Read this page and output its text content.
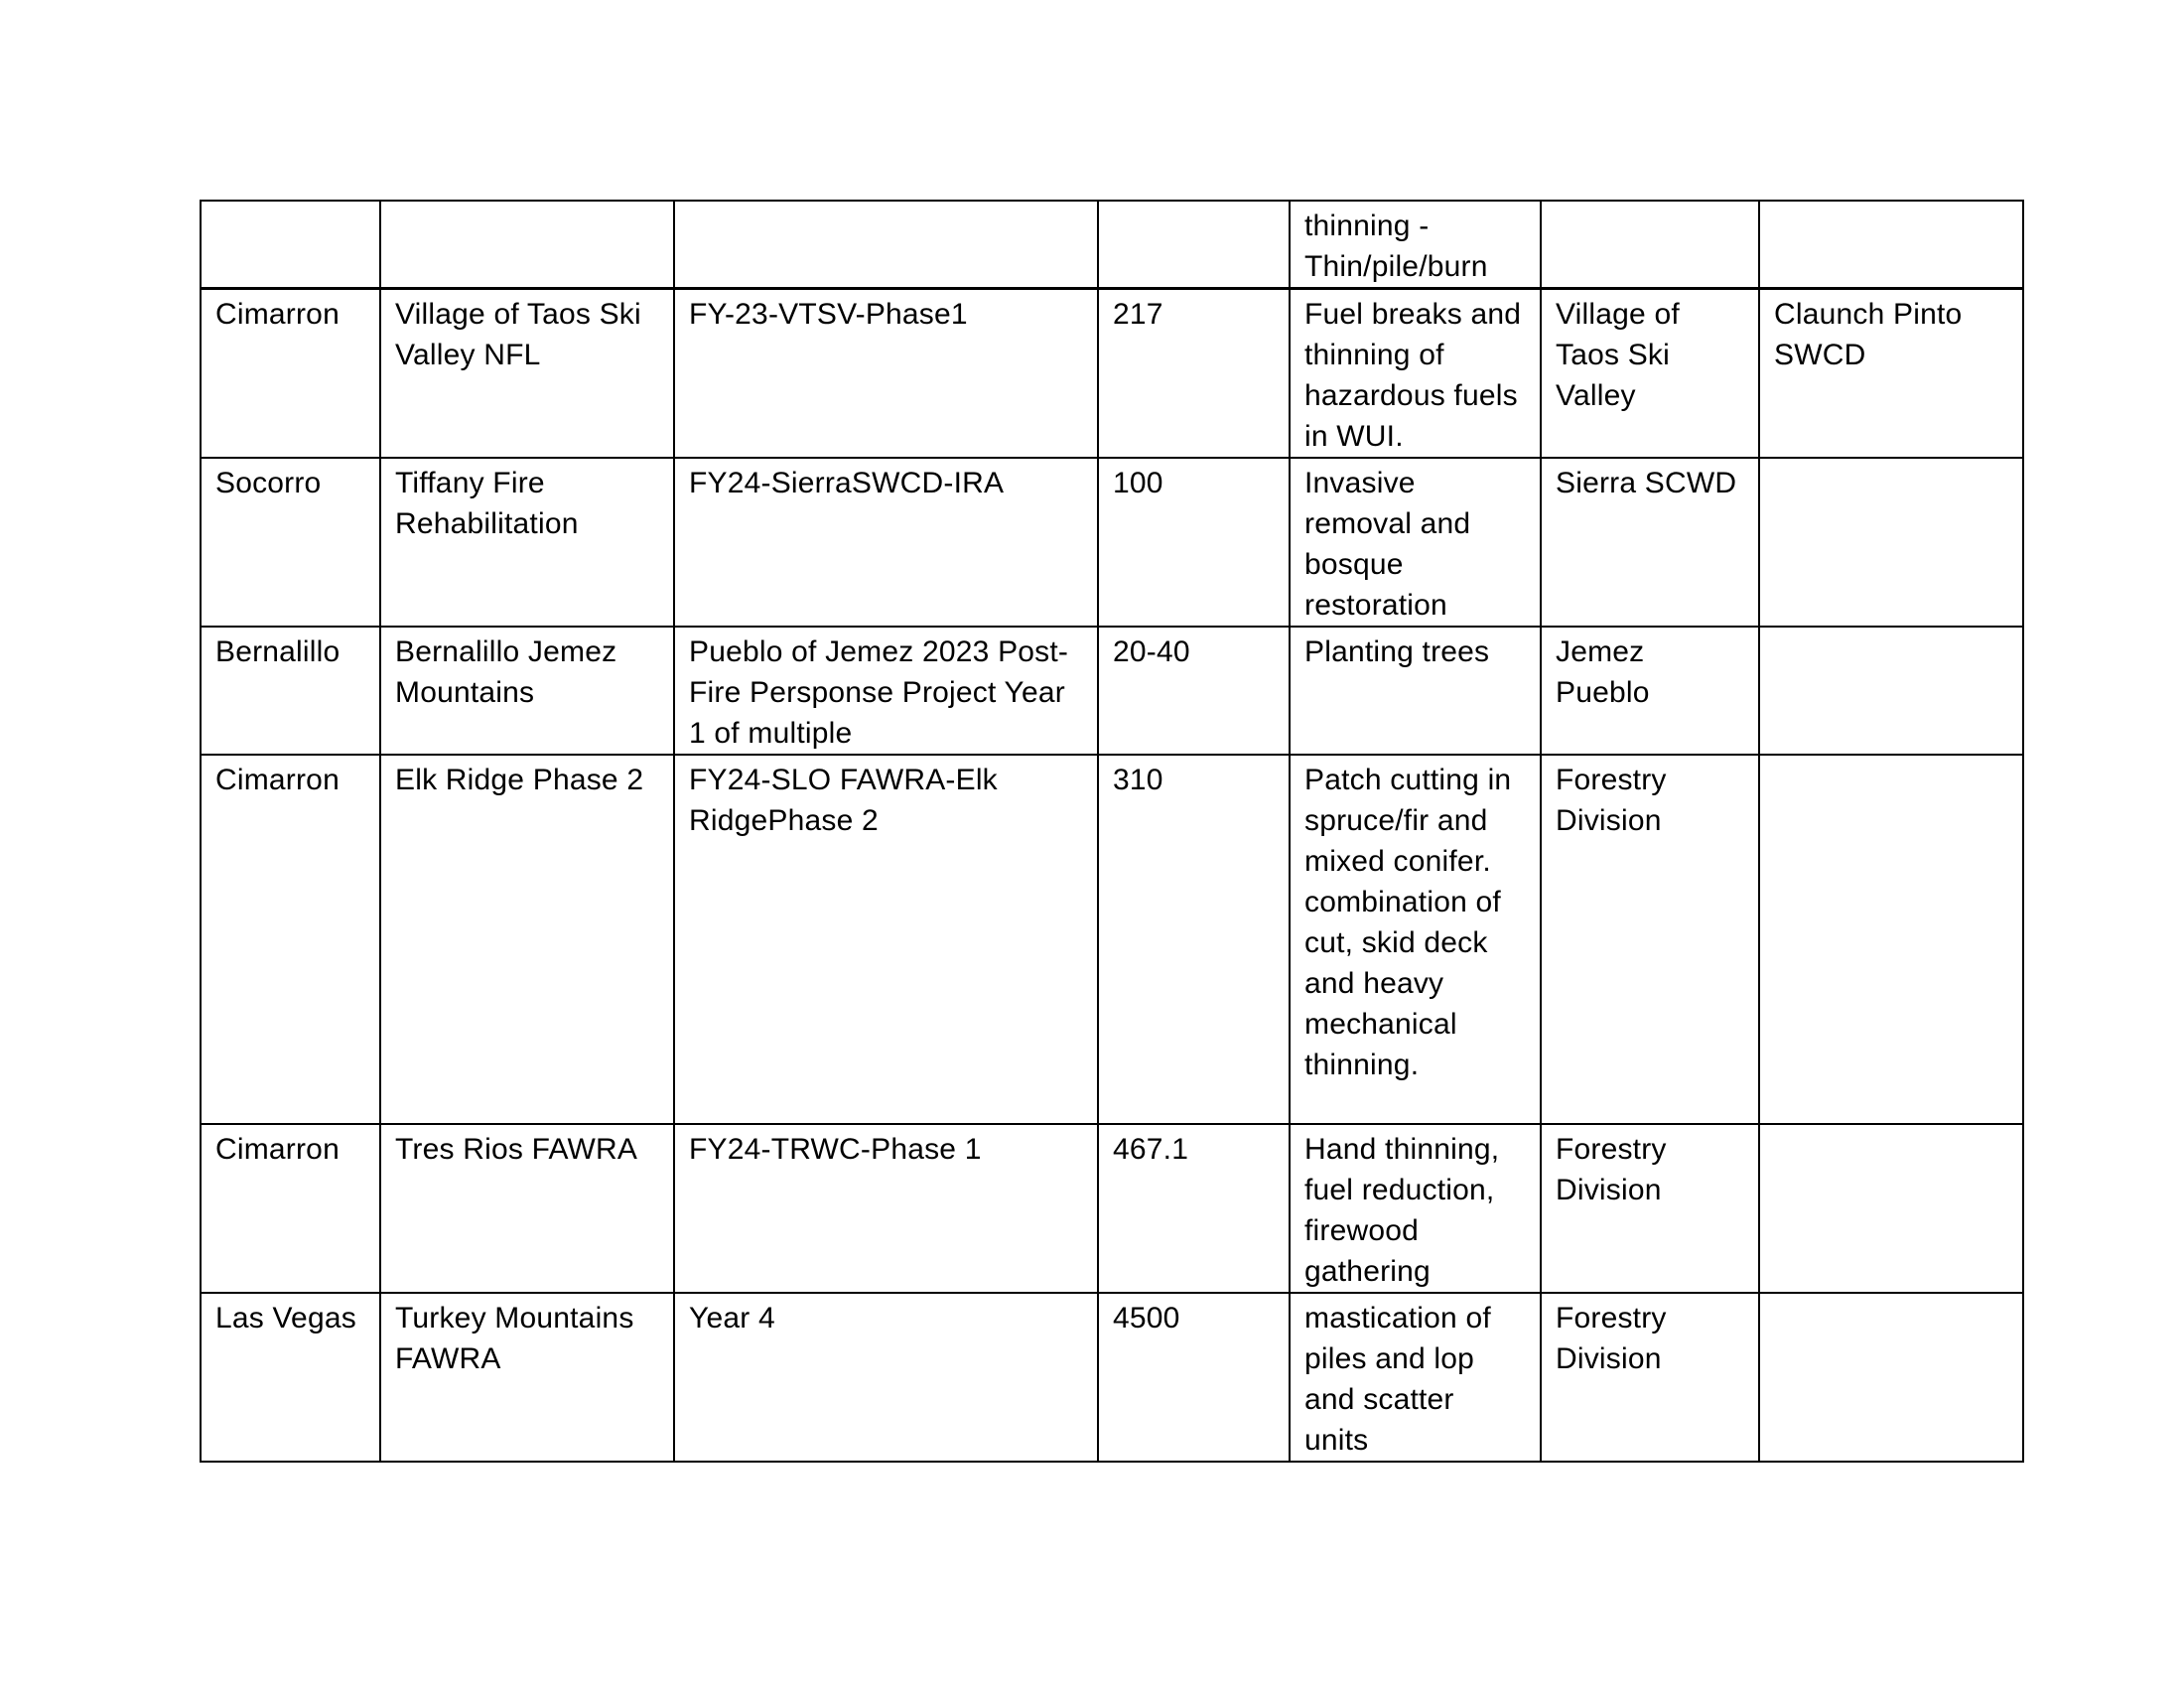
				thinning - Thin/pile/burn		
Cimarron	Village of Taos Ski Valley NFL	FY-23-VTSV-Phase1	217	Fuel breaks and thinning of hazardous fuels in WUI.	Village of Taos Ski Valley	Claunch Pinto SWCD
Socorro	Tiffany Fire Rehabilitation	FY24-SierraSWCD-IRA	100	Invasive removal and bosque restoration	Sierra SCWD	
Bernalillo	Bernalillo Jemez Mountains	Pueblo of Jemez 2023 Post-Fire Persponse Project Year 1 of multiple	20-40	Planting trees	Jemez Pueblo	
Cimarron	Elk Ridge Phase 2	FY24-SLO FAWRA-Elk RidgePhase 2	310	Patch cutting in spruce/fir and mixed conifer. combination of cut, skid deck and heavy mechanical thinning.	Forestry Division	
Cimarron	Tres Rios FAWRA	FY24-TRWC-Phase 1	467.1	Hand thinning, fuel reduction, firewood gathering	Forestry Division	
Las Vegas	Turkey Mountains FAWRA	Year 4	4500	mastication of piles and lop and scatter units	Forestry Division	
